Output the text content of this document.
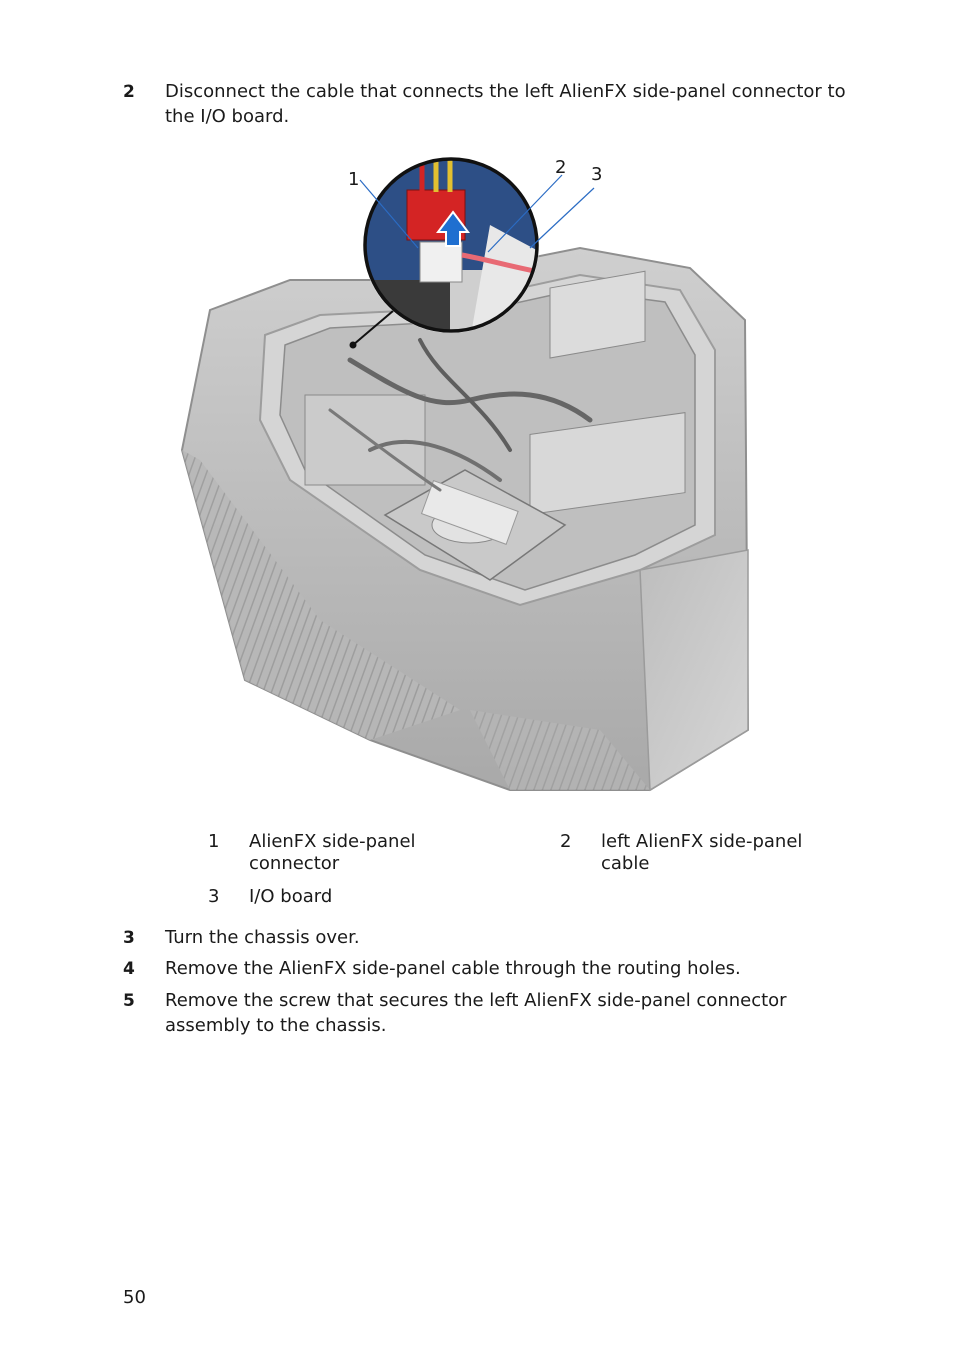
2 Disconnect the cable that connects the left AlienFX side-panel connector to the I/O board.
1
2 3
1 AlienFX side-panel connector
2 left AlienFX side-panel cable
3 I/O board
3 Turn the chassis over.
4 Remove the AlienFX side-panel cable through the routing holes.
5 Remove the screw that secures the left AlienFX side-panel connector assembly to the chassis.
50
